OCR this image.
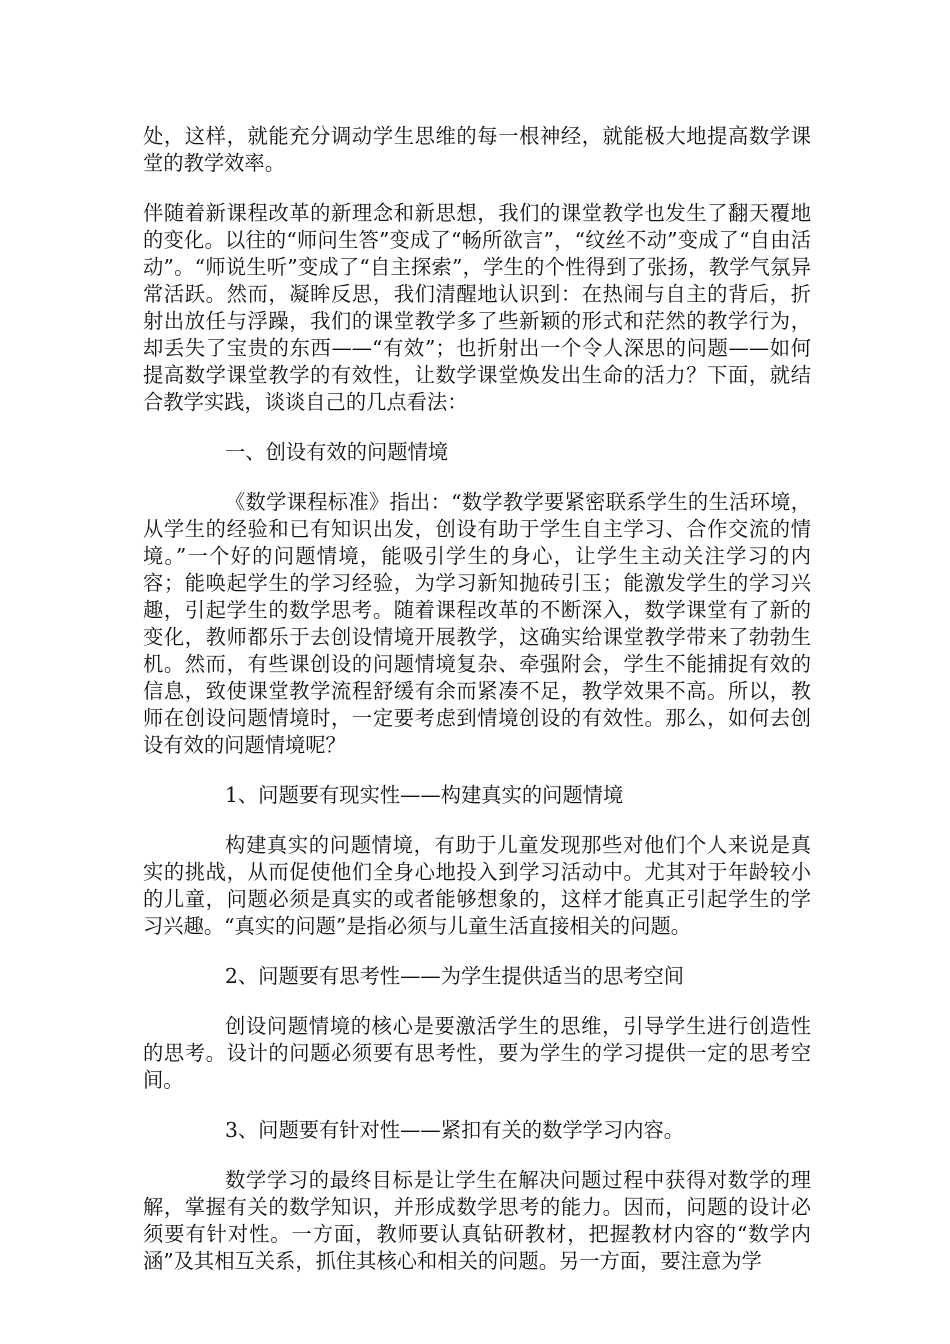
处，这样，就能充分调动学生思维的每一根神经，就能极大地提高数学课堂的教学效率。

伴随着新课程改革的新理念和新思想，我们的课堂教学也发生了翻天覆地的变化。以往的“师问生答”变成了“畅所欲言”，“纹丝不动”变成了“自由活动”。“师说生听”变成了“自主探索”，学生的个性得到了张扬，教学气氛异常活跃。然而，凝眸反思，我们清醒地认识到：在热闹与自主的背后，折射出放任与浮躁，我们的课堂教学多了些新颖的形式和茫然的教学行为，却丢失了宝贵的东西——“有效”；也折射出一个令人深思的问题——如何提高数学课堂教学的有效性，让数学课堂焕发出生命的活力？下面，就结合教学实践，谈谈自己的几点看法：

一、创设有效的问题情境

《数学课程标准》指出：“数学教学要紧密联系学生的生活环境，从学生的经验和已有知识出发，创设有助于学生自主学习、合作交流的情境。”一个好的问题情境，能吸引学生的身心，让学生主动关注学习的内容；能唤起学生的学习经验，为学习新知抛砖引玉；能激发学生的学习兴趣，引起学生的数学思考。随着课程改革的不断深入，数学课堂有了新的变化，教师都乐于去创设情境开展教学，这确实给课堂教学带来了勃勃生机。然而，有些课创设的问题情境复杂、牵强附会，学生不能捕捉有效的信息，致使课堂教学流程舒缓有余而紧凑不足，教学效果不高。所以，教师在创设问题情境时，一定要考虑到情境创设的有效性。那么，如何去创设有效的问题情境呢？

1、问题要有现实性——构建真实的问题情境

构建真实的问题情境，有助于儿童发现那些对他们个人来说是真实的挑战，从而促使他们全身心地投入到学习活动中。尤其对于年龄较小的儿童，问题必须是真实的或者能够想象的，这样才能真正引起学生的学习兴趣。“真实的问题”是指必须与儿童生活直接相关的问题。

2、问题要有思考性——为学生提供适当的思考空间

创设问题情境的核心是要激活学生的思维，引导学生进行创造性的思考。设计的问题必须要有思考性，要为学生的学习提供一定的思考空间。

3、问题要有针对性——紧扣有关的数学学习内容。

数学学习的最终目标是让学生在解决问题过程中获得对数学的理解，掌握有关的数学知识，并形成数学思考的能力。因而，问题的设计必须要有针对性。一方面，教师要认真钻研教材，把握教材内容的“数学内涵”及其相互关系，抓住其核心和相关的问题。另一方面，要注意为学
